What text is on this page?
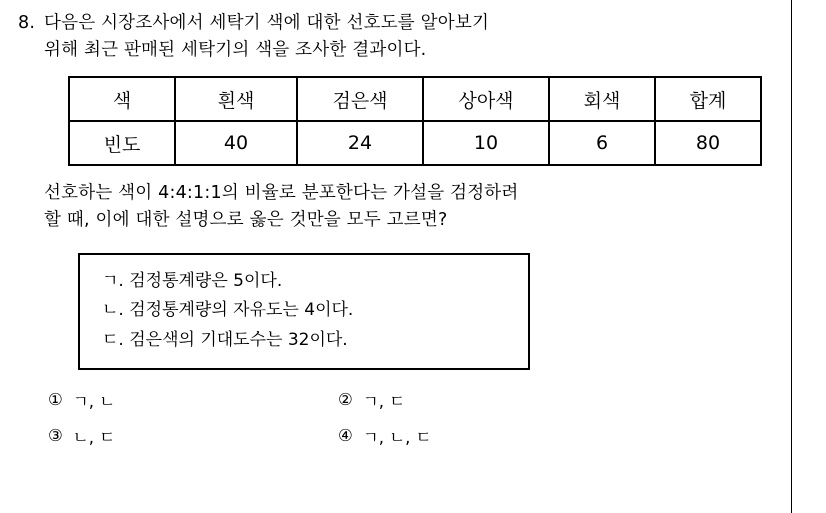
8. 다음은 시장조사에서 세탁기 색에 대한 선호도를 알아보기
위해 최근 판매된 세탁기의 색을 조사한 결과이다.
색	흰색	검은색	상아색	회색	합계
빈도	40	24	10	6	80
선호하는 색이 4:4:1:1의 비율로 분포한다는 가설을 검정하려
할 때, 이에 대한 설명으로 옳은 것만을 모두 고르면?
ㄱ. 검정통계량은 5이다.
ㄴ. 검정통계량의 자유도는 4이다.
ㄷ. 검은색의 기대도수는 32이다.
① ㄱ, ㄴ	② ㄱ, ㄷ
③ ㄴ, ㄷ	④ ㄱ, ㄴ, ㄷ
